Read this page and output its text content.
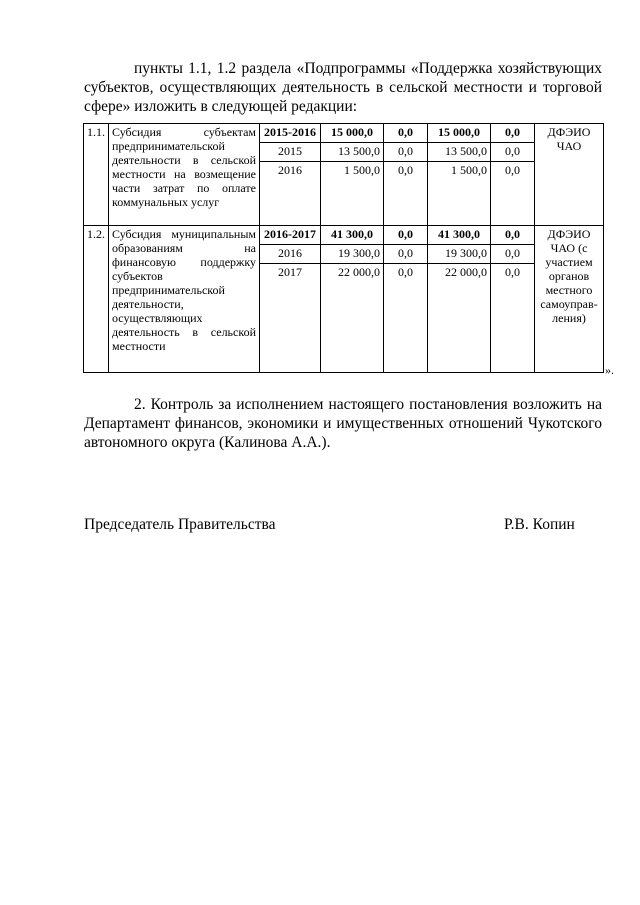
пункты 1.1, 1.2 раздела «Подпрограммы «Поддержка хозяйствующих субъектов, осуществляющих деятельность в сельской местности и торговой сфере» изложить в следующей редакции:

1.1.	Субсидия субъектам предпринимательской деятельности в сельской местности на возмещение части затрат по оплате коммунальных услуг	2015-2016	15 000,0	0,0	15 000,0	0,0	ДФЭИО ЧАО
		2015	13 500,0	0,0	13 500,0	0,0	
		2016	1 500,0	0,0	1 500,0	0,0	
1.2.	Субсидия муниципальным образованиям на финансовую поддержку субъектов предпринимательской деятельности, осуществляющих деятельность в сельской местности	2016-2017	41 300,0	0,0	41 300,0	0,0	ДФЭИО ЧАО (с участием органов местного самоуправ-ления)
		2016	19 300,0	0,0	19 300,0	0,0	
		2017	22 000,0	0,0	22 000,0	0,0	
».

2. Контроль за исполнением настоящего постановления возложить на Департамент финансов, экономики и имущественных отношений Чукотского автономного округа (Калинова А.А.).

Председатель Правительства	Р.В. Копин
